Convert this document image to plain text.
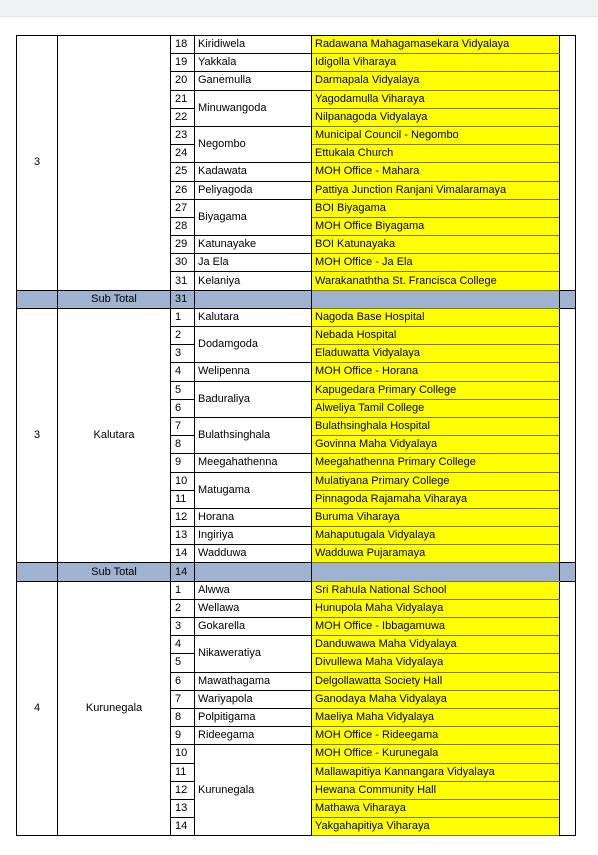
3		18	Kiridiwela	Radawana Mahagamasekara Vidyalaya	
		19	Yakkala	Idigolla Viharaya	
		20	Ganemulla	Darmapala Vidyalaya	
		21	Minuwangoda	Yagodamulla Viharaya	
		22		Nilpanagoda Vidyalaya	
		23	Negombo	Municipal Council - Negombo	
		24		Ettukala Church	
		25	Kadawata	MOH Office - Mahara	
		26	Peliyagoda	Pattiya Junction Ranjani Vimalaramaya	
		27	Biyagama	BOI Biyagama	
		28		MOH Office Biyagama	
		29	Katunayake	BOI Katunayaka	
		30	Ja Ela	MOH Office - Ja Ela	
		31	Kelaniya	Warakanaththa St. Francisca College	
	Sub Total	31			
3	Kalutara	1	Kalutara	Nagoda Base Hospital	
		2	Dodamgoda	Nebada Hospital	
		3		Eladuwatta Vidyalaya	
		4	Welipenna	MOH Office - Horana	
		5	Baduraliya	Kapugedara Primary College	
		6		Alweliya Tamil College	
		7	Bulathsinghala	Bulathsinghala Hospital	
		8		Govinna Maha Vidyalaya	
		9	Meegahathenna	Meegahathenna Primary College	
		10	Matugama	Mulatiyana Primary College	
		11		Pinnagoda Rajamaha Viharaya	
		12	Horana	Buruma Viharaya	
		13	Ingiriya	Mahaputugala Vidyalaya	
		14	Wadduwa	Wadduwa Pujaramaya	
	Sub Total	14			
4	Kurunegala	1	Alwwa	Sri Rahula National School	
		2	Wellawa	Hunupola Maha Vidyalaya	
		3	Gokarella	MOH Office - Ibbagamuwa	
		4	Nikaweratiya	Danduwawa Maha Vidyalaya	
		5		Divullewa Maha Vidyalaya	
		6	Mawathagama	Delgollawatta Society Hall	
		7	Wariyapola	Ganodaya Maha Vidyalaya	
		8	Polpitigama	Maeliya Maha Vidyalaya	
		9	Rideegama	MOH Office - Rideegama	
		10	Kurunegala	MOH Office - Kurunegala	
		11		Mallawapitiya Kannangara Vidyalaya	
		12		Hewana Community Hall	
		13		Mathawa Viharaya	
		14		Yakgahapitiya Viharaya	
